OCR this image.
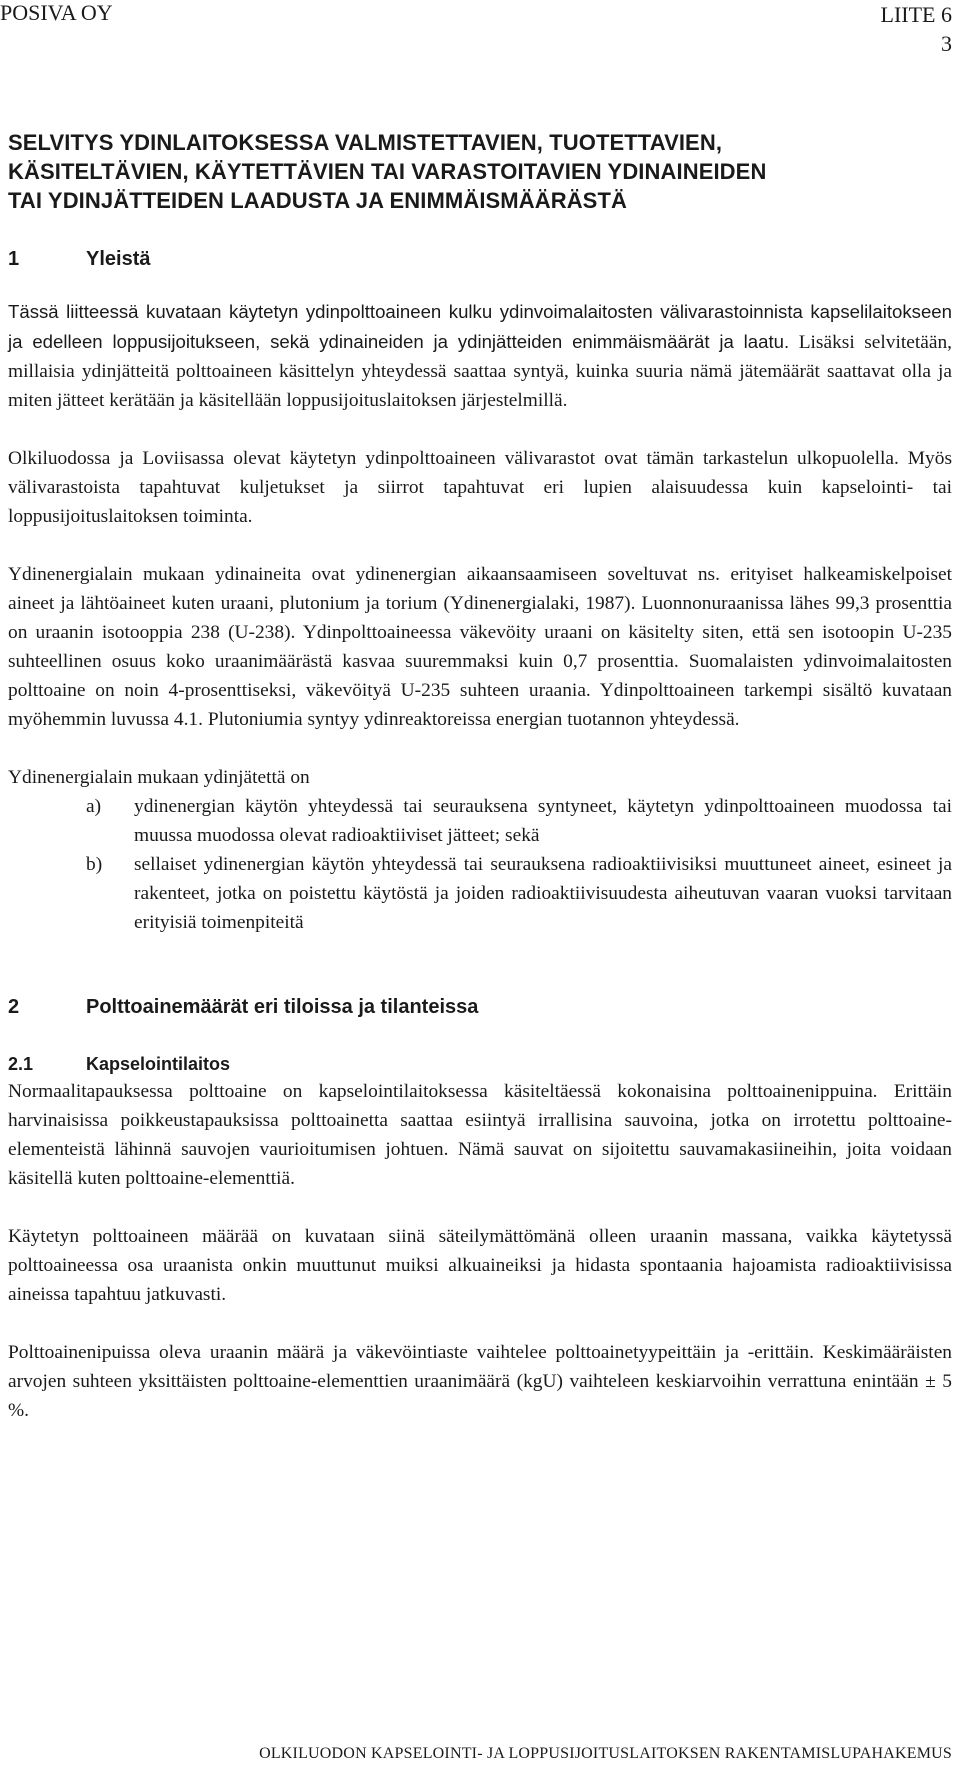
POSIVA OY	LIITE 6
3
SELVITYS YDINLAITOKSESSA VALMISTETTAVIEN, TUOTETTAVIEN,
KÄSITELTÄVIEN, KÄYTETTÄVIEN TAI VARASTOITAVIEN YDINAINEIDEN
TAI YDINJÄTTEIDEN LAADUSTA JA ENIMMÄISMÄÄRÄSTÄ
1	Yleistä

Tässä liitteessä kuvataan käytetyn ydinpolttoaineen kulku ydinvoimalaitosten välivarastoinnista kapselilaitokseen ja edelleen loppusijoitukseen, sekä ydinaineiden ja ydinjätteiden enimmäismäärät ja laatu. Lisäksi selvitetään, millaisia ydinjätteitä polttoaineen käsittelyn yhteydessä saattaa syntyä, kuinka suuria nämä jätemäärät saattavat olla ja miten jätteet kerätään ja käsitellään loppusijoituslaitoksen järjestelmillä.

Olkiluodossa ja Loviisassa olevat käytetyn ydinpolttoaineen välivarastot ovat tämän tarkastelun ulkopuolella. Myös välivarastoista tapahtuvat kuljetukset ja siirrot tapahtuvat eri lupien alaisuudessa kuin kapselointi- tai loppusijoituslaitoksen toiminta.

Ydinenergialain mukaan ydinaineita ovat ydinenergian aikaansaamiseen soveltuvat ns. erityiset halkeamiskelpoiset aineet ja lähtöaineet kuten uraani, plutonium ja torium (Ydinenergialaki, 1987). Luonnonuraanissa lähes 99,3 prosenttia on uraanin isotooppia 238 (U-238). Ydinpolttoaineessa väkevöity uraani on käsitelty siten, että sen isotoopin U-235 suhteellinen osuus koko uraanimäärästä kasvaa suuremmaksi kuin 0,7 prosenttia. Suomalaisten ydinvoimalaitosten polttoaine on noin 4-prosenttiseksi, väkevöityä U-235 suhteen uraania. Ydinpolttoaineen tarkempi sisältö kuvataan myöhemmin luvussa 4.1. Plutoniumia syntyy ydinreaktoreissa energian tuotannon yhteydessä.

Ydinenergialain mukaan ydinjätettä on

a)	ydinenergian käytön yhteydessä tai seurauksena syntyneet, käytetyn ydinpolttoaineen muodossa tai muussa muodossa olevat radioaktiiviset jätteet; sekä
b)	sellaiset ydinenergian käytön yhteydessä tai seurauksena radioaktiivisiksi muuttuneet aineet, esineet ja rakenteet, jotka on poistettu käytöstä ja joiden radioaktiivisuudesta aiheutuvan vaaran vuoksi tarvitaan erityisiä toimenpiteitä
2	Polttoainemäärät eri tiloissa ja tilanteissa
2.1	Kapselointilaitos

Normaalitapauksessa polttoaine on kapselointilaitoksessa käsiteltäessä kokonaisina polttoainenippuina. Erittäin harvinaisissa poikkeustapauksissa polttoainetta saattaa esiintyä irrallisina sauvoina, jotka on irrotettu polttoaine-elementeistä lähinnä sauvojen vaurioitumisen johtuen. Nämä sauvat on sijoitettu sauvamakasiineihin, joita voidaan käsitellä kuten polttoaine-elementtiä.

Käytetyn polttoaineen määrää on kuvataan siinä säteilymättömänä olleen uraanin massana, vaikka käytetyssä polttoaineessa osa uraanista onkin muuttunut muiksi alkuaineiksi ja hidasta spontaania hajoamista radioaktiivisissa aineissa tapahtuu jatkuvasti.

Polttoainenipuissa oleva uraanin määrä ja väkevöintiaste vaihtelee polttoainetyypeittäin ja -erittäin. Keskimääräisten arvojen suhteen yksittäisten polttoaine-elementtien uraanimäärä (kgU) vaihteleen keskiarvoihin verrattuna enintään ± 5 %.

OLKILUODON KAPSELOINTI- JA LOPPUSIJOITUSLAITOKSEN RAKENTAMISLUPAHAKEMUS
